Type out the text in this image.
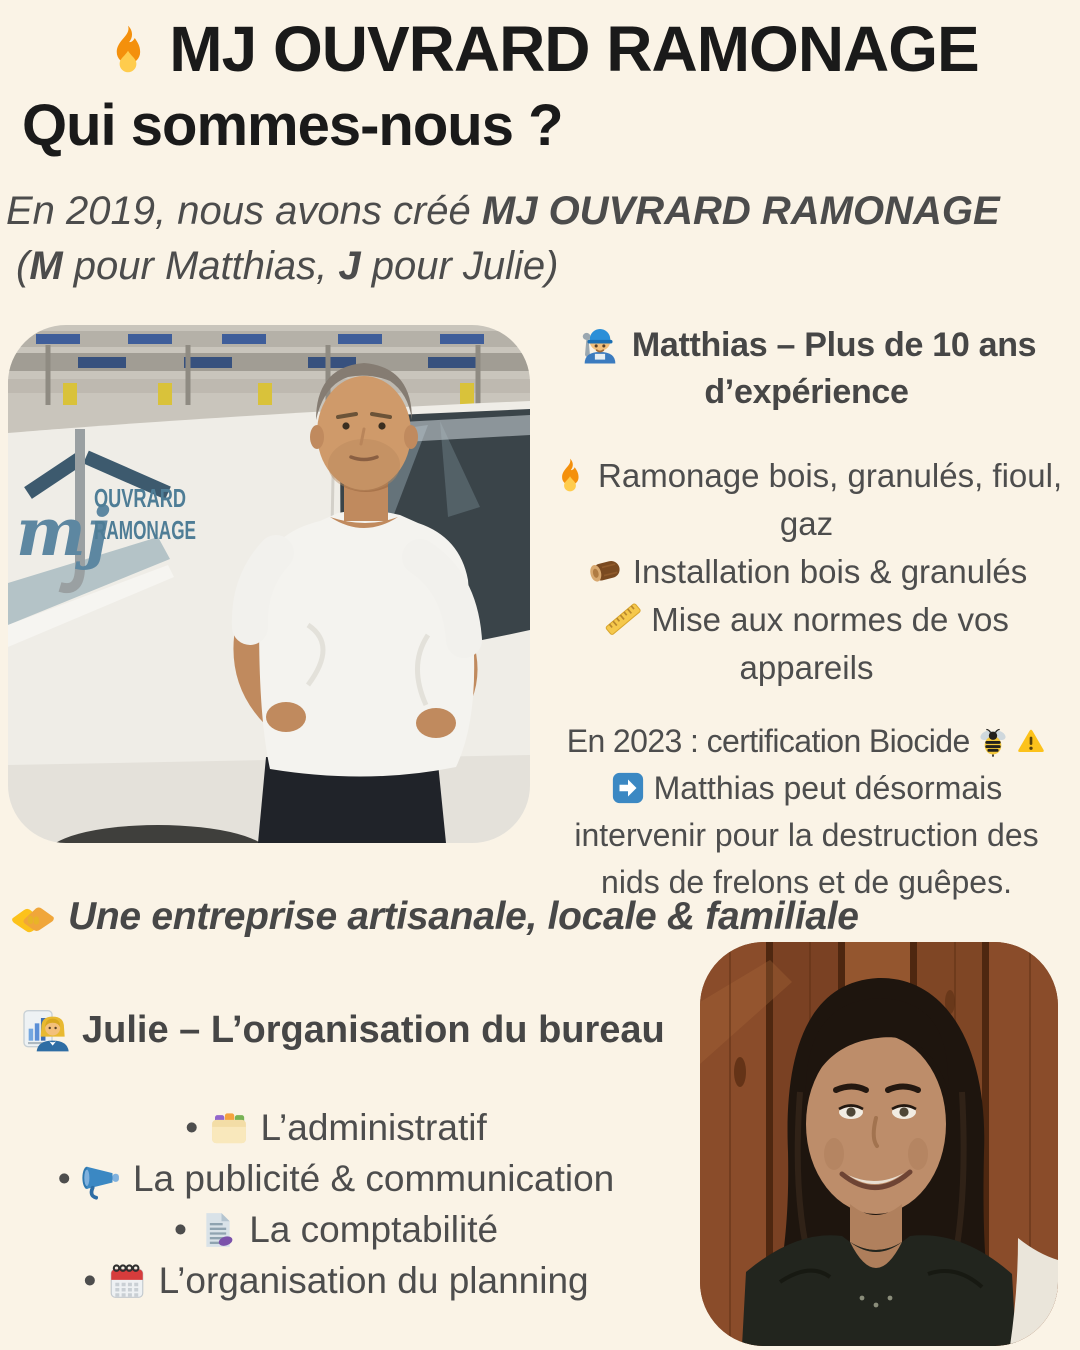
MJ OUVRARD RAMONAGE
Qui sommes-nous ?
En 2019, nous avons créé MJ OUVRARD RAMONAGE
(M pour Matthias, J pour Julie)
mj
OUVRARD
RAMONAGE
Matthias – Plus de 10 ans
d’expérience
Ramonage bois, granulés, fioul,
gaz
Installation bois & granulés
Mise aux normes de vos
appareils
En 2023 : certification Biocide
Matthias peut désormais
intervenir pour la destruction des
nids de frelons et de guêpes.
Une entreprise artisanale, locale & familiale
Julie – L’organisation du bureau
• L’administratif
• La publicité & communication
• La comptabilité
• L’organisation du planning
